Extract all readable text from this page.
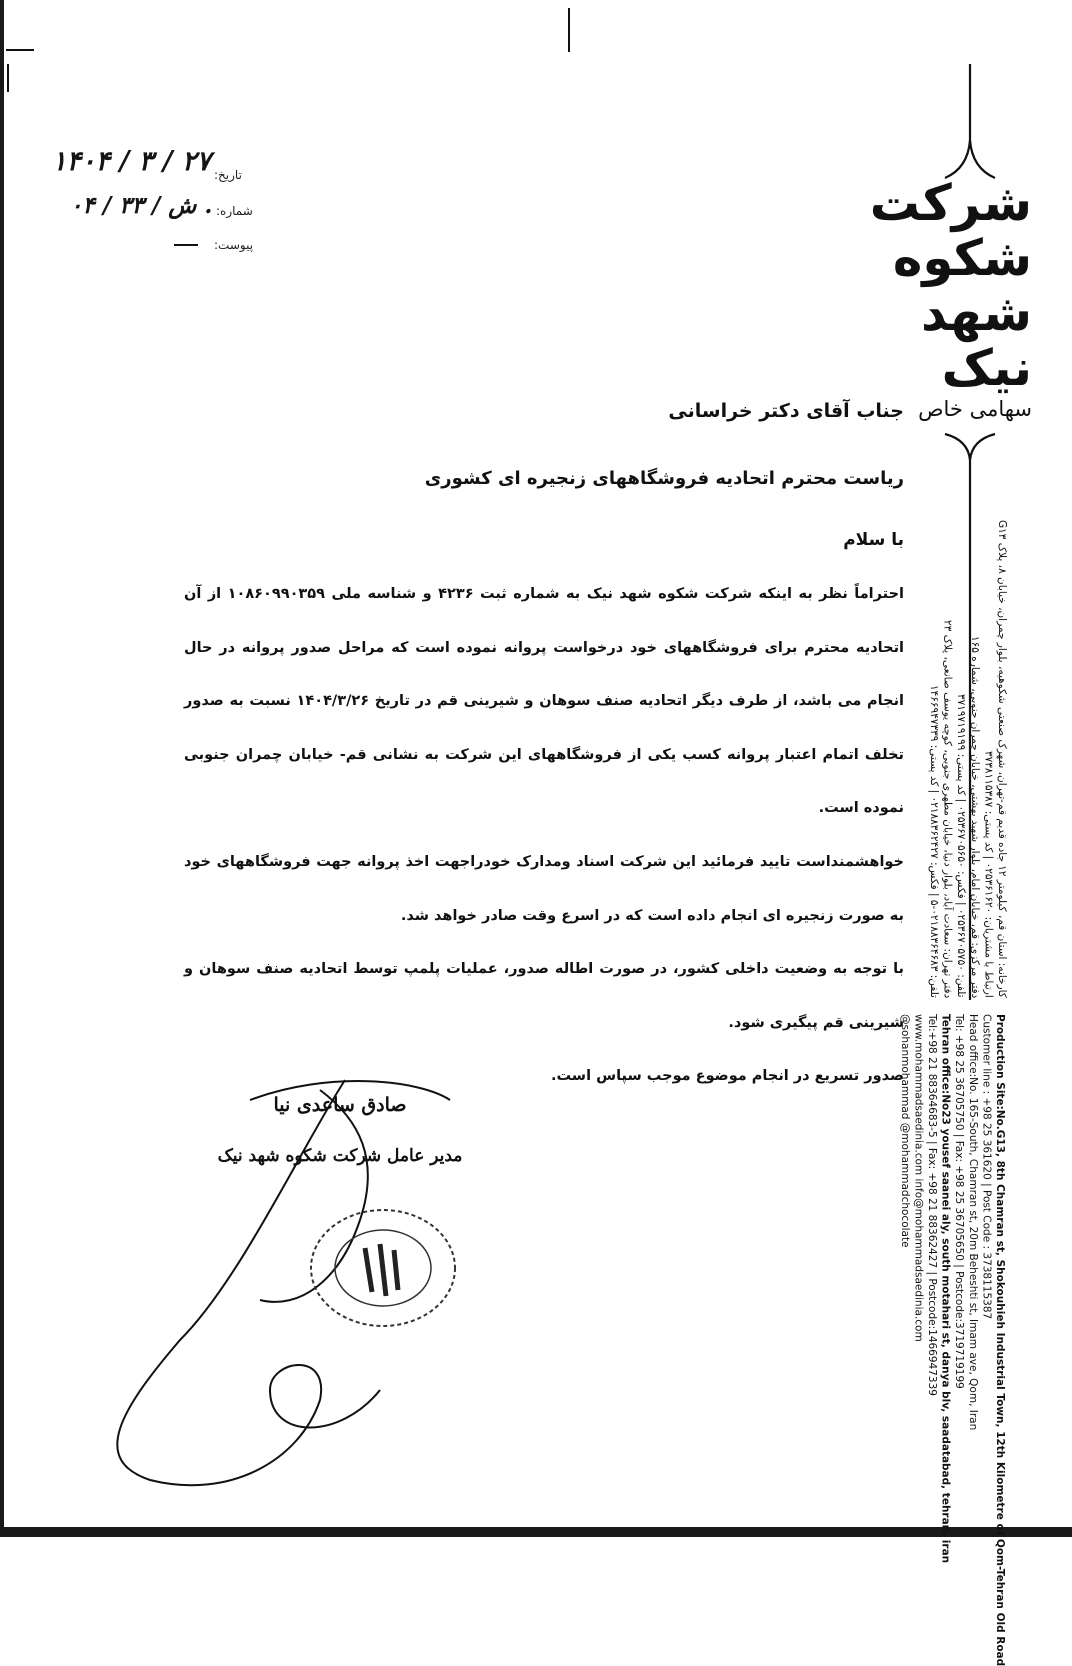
تاریخ:
شماره:
پیوست:
۱۴۰۴ / ۳ / ۲۷
۰۴ / ش / ۳۳ .	شرکت
شکوه
شهد
نیک
سهامی خاص
جناب آقای دکتر خراسانی
ریاست محترم اتحادیه فروشگاههای زنجیره ای کشوری
با سلام

احتراماً نظر به اینکه شرکت شکوه شهد نیک به شماره ثبت ۴۲۳۶ و شناسه ملی ۱۰۸۶۰۹۹۰۳۵۹ از آن اتحادیه محترم برای فروشگاههای خود درخواست پروانه نموده است که مراحل صدور پروانه در حال انجام می باشد، از طرف دیگر اتحادیه صنف سوهان و شیرینی قم در تاریخ ۱۴۰۴/۳/۲۶ نسبت به صدور تخلف اتمام اعتبار پروانه کسب یکی از فروشگاههای این شرکت به نشانی قم- خیابان چمران جنوبی نموده است.

خواهشمنداست تایید فرمائید این شرکت اسناد ومدارک خودراجهت اخذ پروانه جهت فروشگاههای خود به صورت زنجیره ای انجام داده است که در اسرع وقت صادر خواهد شد.

با توجه به وضعیت داخلی کشور، در صورت اطاله صدور، عملیات پلمپ توسط اتحادیه صنف سوهان و شیرینی قم پیگیری شود.

صدور تسریع در انجام موضوع موجب سپاس است.

صادق ساعدی نیا
مدیر عامل شرکت شکوه شهد نیک
کارخانه: استان قم، کیلومتر ۱۲ جاده قدیم قم-تهران، شهرک صنعتی شکوهیه، بلوار چمران، خیابان ۸، پلاک G۱۳
ارتباط با مشتریان: ۰۲۵۳۶۱۶۲۰ | کد پستی: ۳۷۳۸۱۱۵۳۸۷
دفتر مرکزی: قم، خیابان امام، بلوار شهید بهشتی، خیابان چمران جنوبی، شماره ۱۶۵
تلفن: ۰۲۵۳۶۷۰۵۷۵۰ | فکس: ۰۲۵۳۶۷۰۵۶۵۰ | کد پستی: ۳۷۱۹۷۱۹۱۹۹
دفتر تهران: سعادت آباد، بلوار دنیا، خیابان مطهری جنوبی، کوچه یوسف صانعی، پلاک ۲۳
تلفن: ۰۲۱۸۸۳۶۴۶۸۳-۵ | فکس: ۰۲۱۸۸۳۶۲۴۲۷ | کد پستی: ۱۴۶۶۹۴۷۳۳۹
Production Site:No.G13, 8th Chamran st, Shokouhieh Industrial Town, 12th Kilometre of Qom-Tehran Old Road
Customer line : +98 25 361620 | Post Code : 3738115387
Head office:No. 165-South, Chamran st, 20m Beheshti st, Imam ave, Qom, Iran
Tel: +98 25 36705750 | Fax: +98 25 36705650 | Postcode:3719719199
Tehran office:No23 yousef saanei aly, south motahari st, danya blv, saadatabad, tehran, iran
Tel:+98 21 88364683-5 | Fax: +98 21 88362427 | Postcode:1466947339
www.mohammadsaedinia.com info@mohammadsaedinia.com
@sohanmohammad @mohammadchocolate
